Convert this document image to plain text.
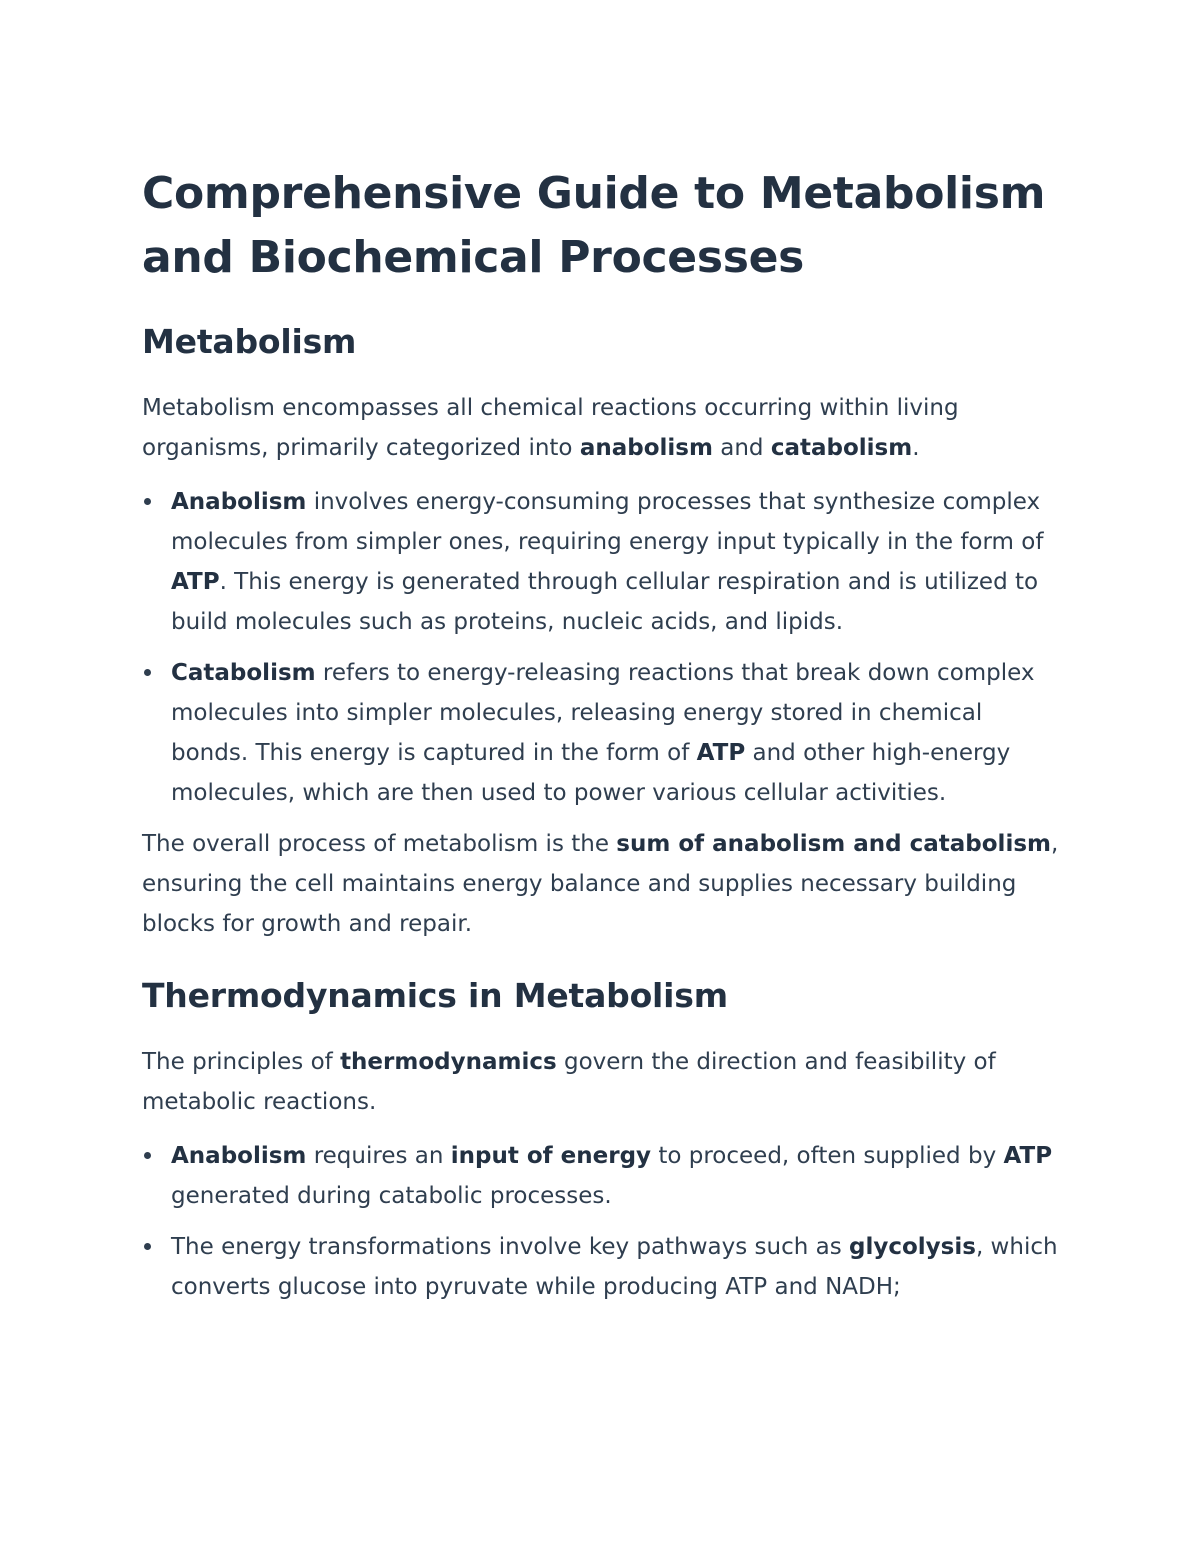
Comprehensive Guide to Metabolism and Biochemical Processes
Metabolism

Metabolism encompasses all chemical reactions occurring within living organisms, primarily categorized into anabolism and catabolism.

Anabolism involves energy-consuming processes that synthesize complex molecules from simpler ones, requiring energy input typically in the form of ATP. This energy is generated through cellular respiration and is utilized to build molecules such as proteins, nucleic acids, and lipids.
Catabolism refers to energy-releasing reactions that break down complex molecules into simpler molecules, releasing energy stored in chemical bonds. This energy is captured in the form of ATP and other high-energy molecules, which are then used to power various cellular activities.

The overall process of metabolism is the sum of anabolism and catabolism, ensuring the cell maintains energy balance and supplies necessary building blocks for growth and repair.

Thermodynamics in Metabolism

The principles of thermodynamics govern the direction and feasibility of metabolic reactions.

Anabolism requires an input of energy to proceed, often supplied by ATP generated during catabolic processes.
The energy transformations involve key pathways such as glycolysis, which converts glucose into pyruvate while producing ATP and NADH;
